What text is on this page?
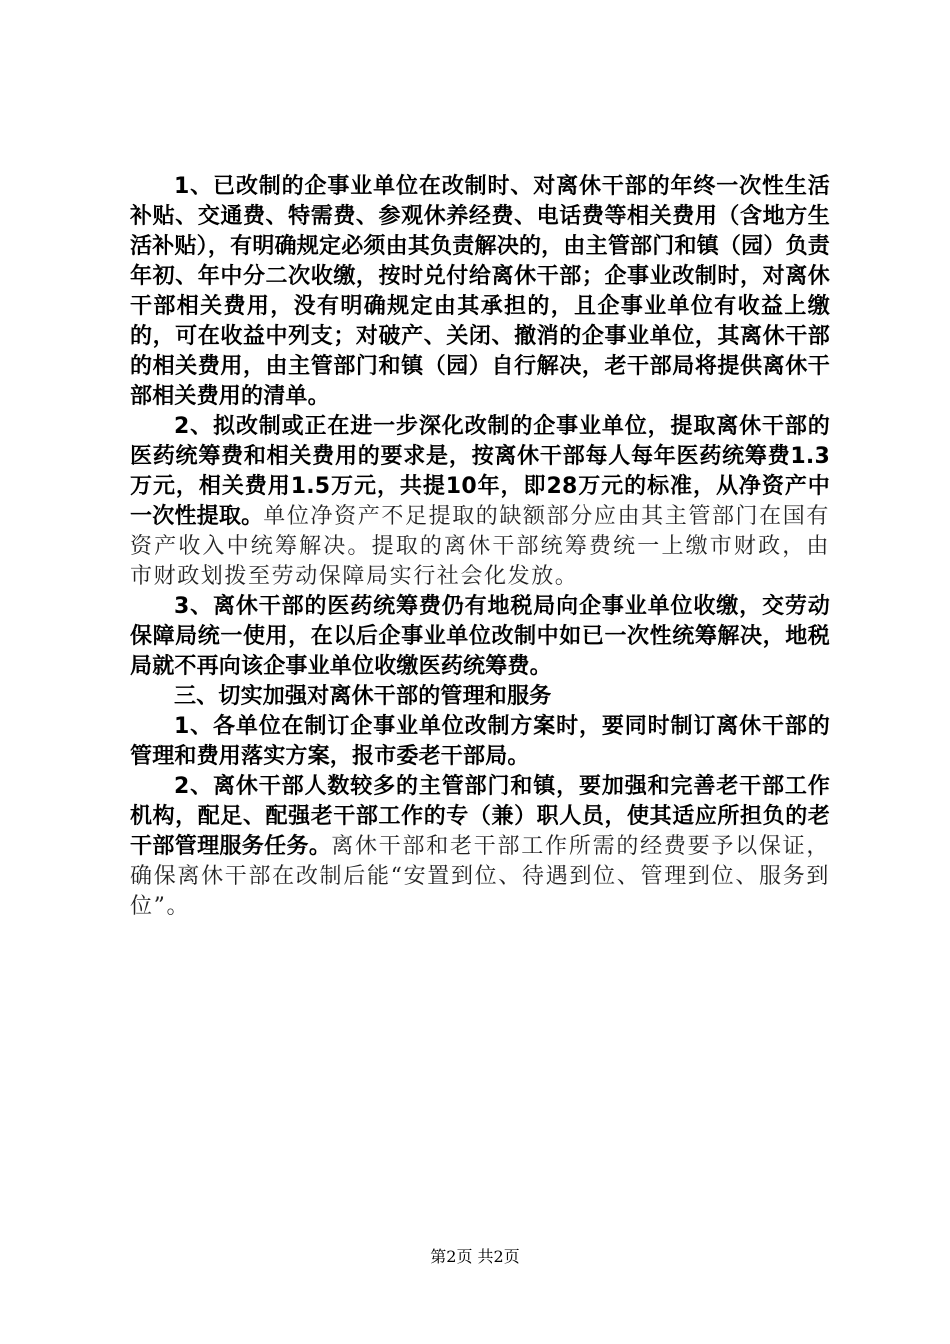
1、已改制的企事业单位在改制时、对离休干部的年终一次性生活补贴、交通费、特需费、参观休养经费、电话费等相关费用（含地方生活补贴），有明确规定必须由其负责解决的，由主管部门和镇（园）负责年初、年中分二次收缴，按时兑付给离休干部；企事业改制时，对离休干部相关费用，没有明确规定由其承担的，且企事业单位有收益上缴的，可在收益中列支；对破产、关闭、撤消的企事业单位，其离休干部的相关费用，由主管部门和镇（园）自行解决，老干部局将提供离休干部相关费用的清单。

2、拟改制或正在进一步深化改制的企事业单位，提取离休干部的医药统筹费和相关费用的要求是，按离休干部每人每年医药统筹费1.3万元，相关费用1.5万元，共提10年，即28万元的标准，从净资产中一次性提取。单位净资产不足提取的缺额部分应由其主管部门在国有资产收入中统筹解决。提取的离休干部统筹费统一上缴市财政，由市财政划拨至劳动保障局实行社会化发放。

3、离休干部的医药统筹费仍有地税局向企事业单位收缴，交劳动保障局统一使用，在以后企事业单位改制中如已一次性统筹解决，地税局就不再向该企事业单位收缴医药统筹费。

三、切实加强对离休干部的管理和服务

1、各单位在制订企事业单位改制方案时，要同时制订离休干部的管理和费用落实方案，报市委老干部局。

2、离休干部人数较多的主管部门和镇，要加强和完善老干部工作机构，配足、配强老干部工作的专（兼）职人员，使其适应所担负的老干部管理服务任务。离休干部和老干部工作所需的经费要予以保证，确保离休干部在改制后能“安置到位、待遇到位、管理到位、服务到位”。

第2页 共2页
